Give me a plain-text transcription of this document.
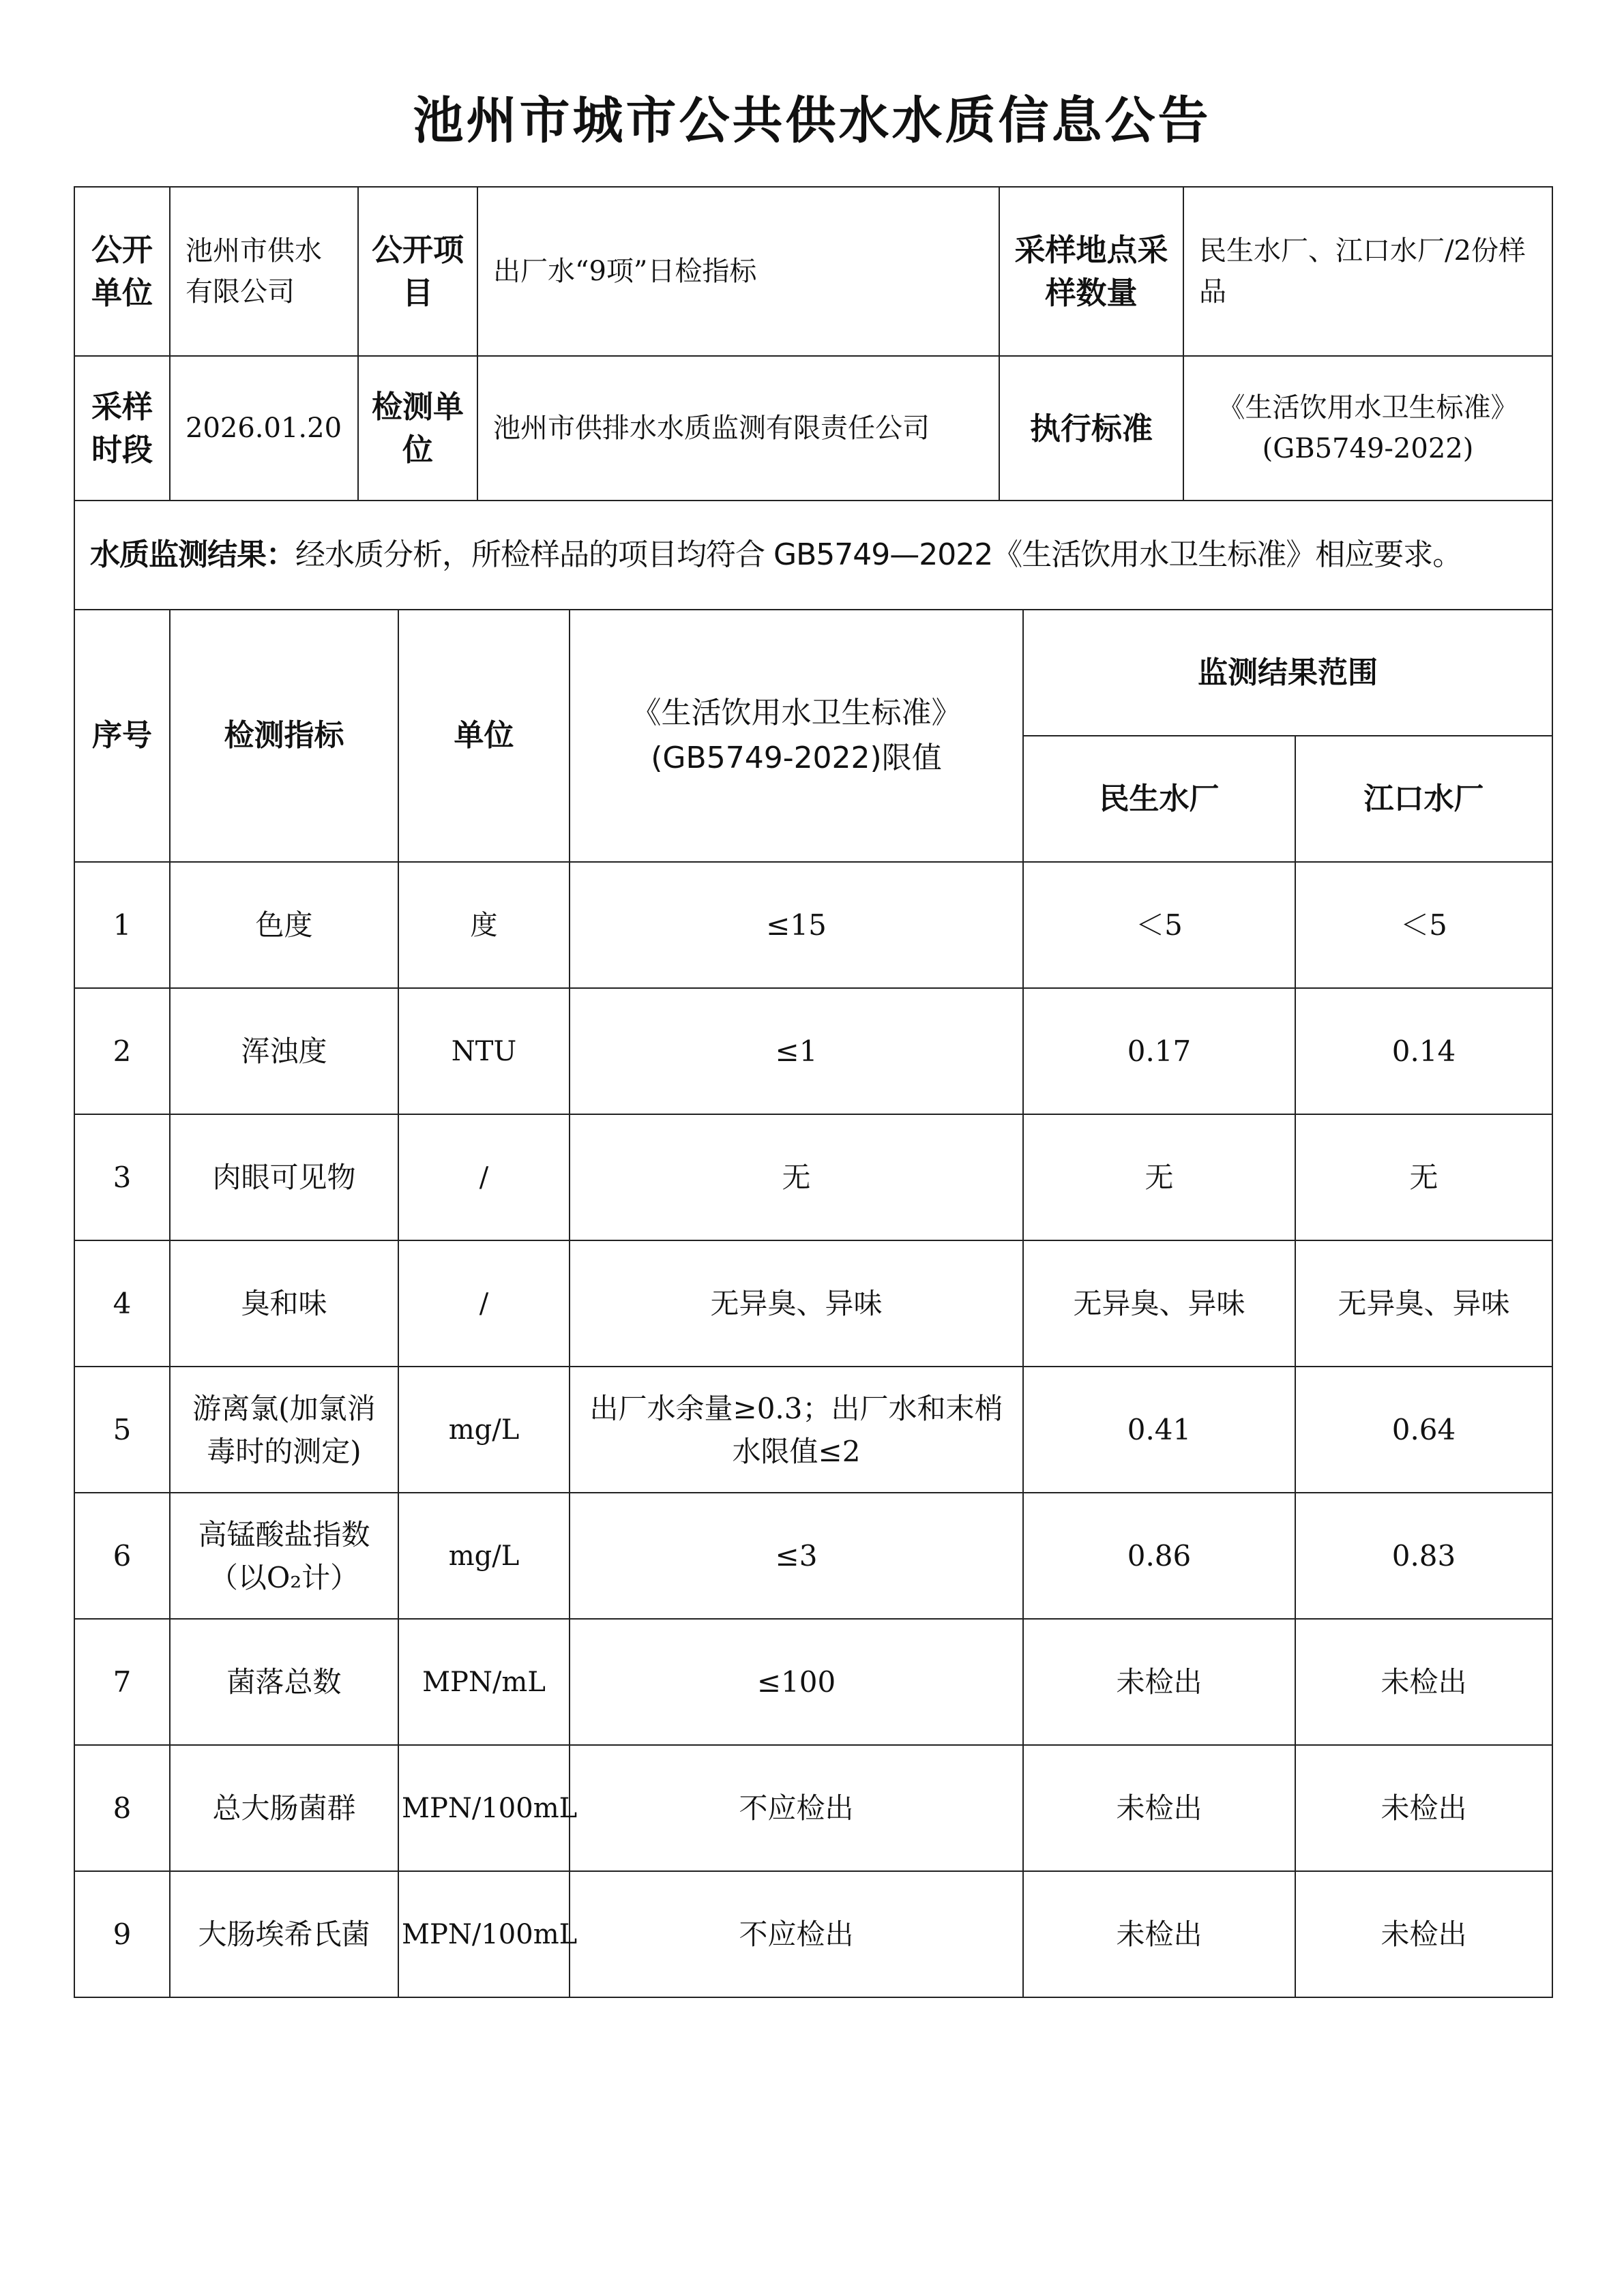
池州市城市公共供水水质信息公告
公开单位	池州市供水有限公司	公开项目	出厂水“9项”日检指标	采样地点采样数量	民生水厂、江口水厂/2份样品
采样时段	2026.01.20	检测单位	池州市供排水水质监测有限责任公司	执行标准	《生活饮用水卫生标准》(GB5749-2022)
水质监测结果：经水质分析，所检样品的项目均符合 GB5749—2022《生活饮用水卫生标准》相应要求。					
序号	检测指标	单位	《生活饮用水卫生标准》(GB5749-2022)限值	监测结果范围	
				民生水厂	江口水厂
1	色度	度	≤15	＜5	＜5
2	浑浊度	NTU	≤1	0.17	0.14
3	肉眼可见物	/	无	无	无
4	臭和味	/	无异臭、异味	无异臭、异味	无异臭、异味
5	游离氯(加氯消毒时的测定)	mg/L	出厂水余量≥0.3；出厂水和末梢水限值≤2	0.41	0.64
6	高锰酸盐指数（以O₂计）	mg/L	≤3	0.86	0.83
7	菌落总数	MPN/mL	≤100	未检出	未检出
8	总大肠菌群	MPN/100mL	不应检出	未检出	未检出
9	大肠埃希氏菌	MPN/100mL	不应检出	未检出	未检出
